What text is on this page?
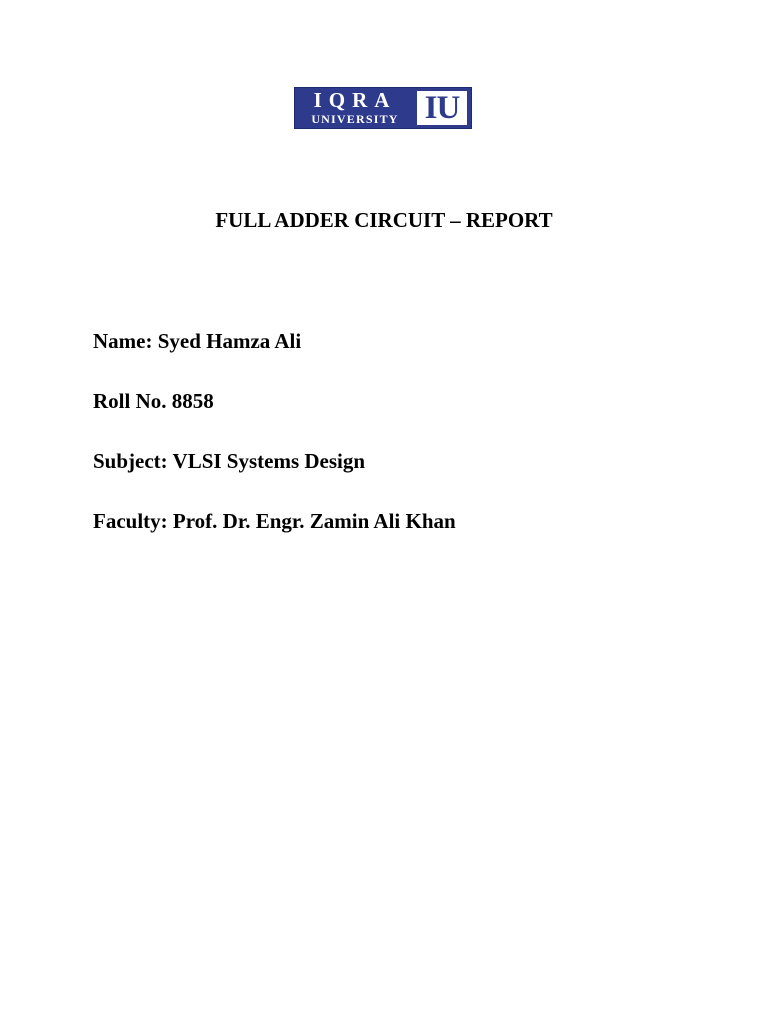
IQRA
UNIVERSITY IU
FULL ADDER CIRCUIT – REPORT
Name: Syed Hamza Ali
Roll No. 8858
Subject: VLSI Systems Design
Faculty: Prof. Dr. Engr. Zamin Ali Khan
